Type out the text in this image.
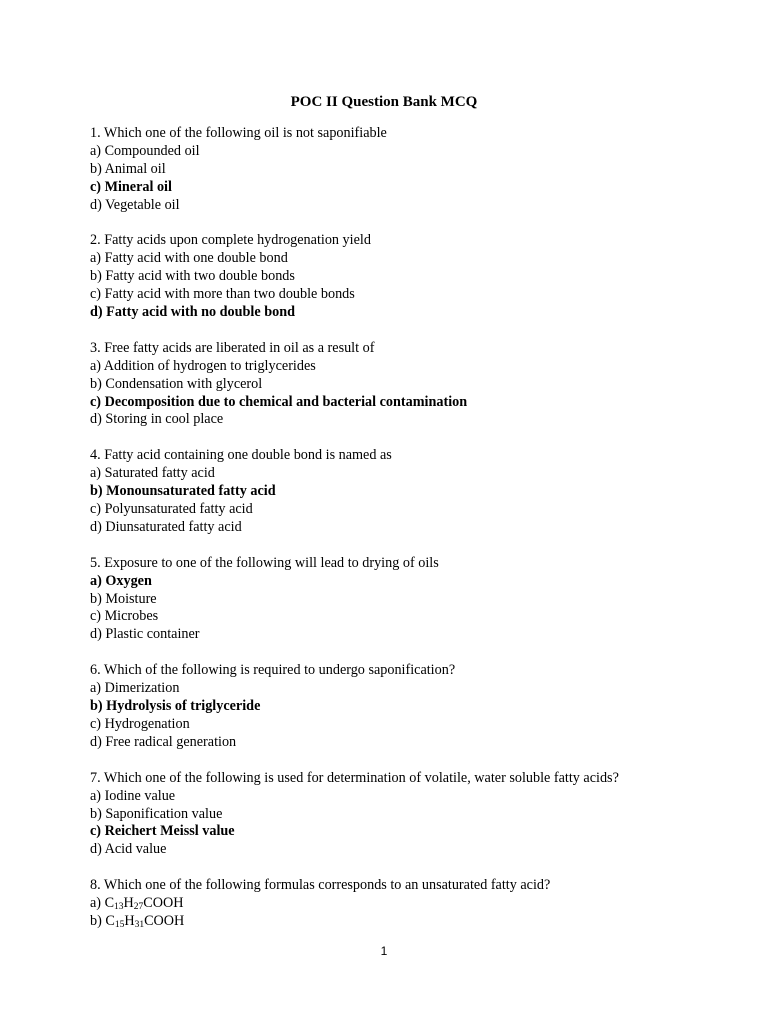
POC II Question Bank MCQ
1. Which one of the following oil is not saponifiable
a) Compounded oil
b) Animal oil
c) Mineral oil
d) Vegetable oil
2. Fatty acids upon complete hydrogenation yield
a) Fatty acid with one double bond
b) Fatty acid with two double bonds
c) Fatty acid with more than two double bonds
d) Fatty acid with no double bond
3. Free fatty acids are liberated in oil as a result of
a) Addition of hydrogen to triglycerides
b) Condensation with glycerol
c) Decomposition due to chemical and bacterial contamination
d) Storing in cool place
4. Fatty acid containing one double bond is named as
a) Saturated fatty acid
b) Monounsaturated fatty acid
c) Polyunsaturated fatty acid
d) Diunsaturated fatty acid
5. Exposure to one of the following will lead to drying of oils
a) Oxygen
b) Moisture
c) Microbes
d) Plastic container
6. Which of the following is required to undergo saponification?
a) Dimerization
b) Hydrolysis of triglyceride
c) Hydrogenation
d) Free radical generation
7. Which one of the following is used for determination of volatile, water soluble fatty acids?
a) Iodine value
b) Saponification value
c) Reichert Meissl value
d) Acid value
8. Which one of the following formulas corresponds to an unsaturated fatty acid?
a) $C_{13}H_{27}COOH$
b) $C_{15}H_{31}COOH$
1
